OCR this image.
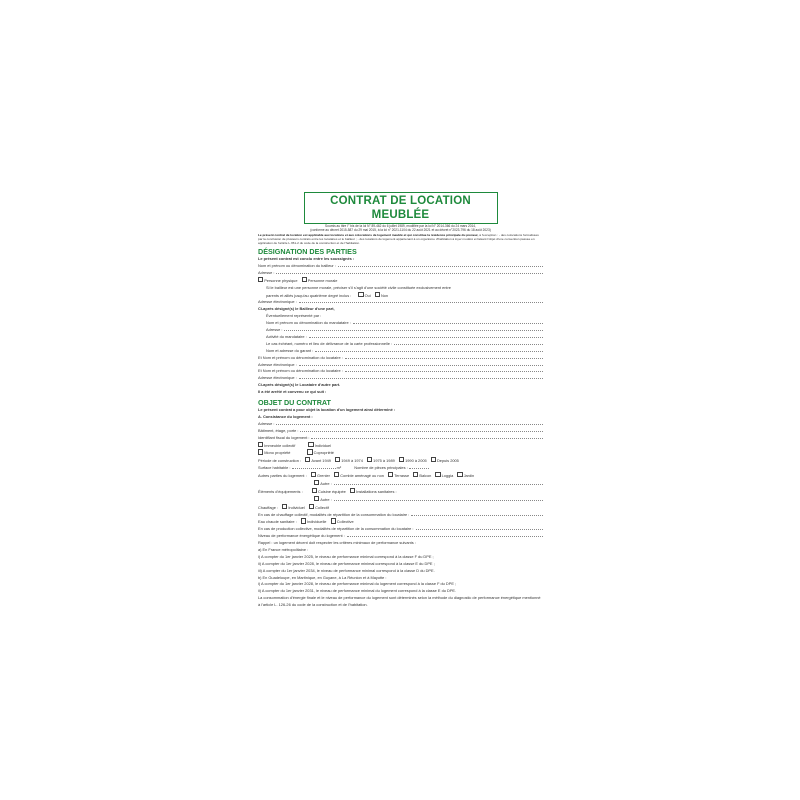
CONTRAT DE LOCATION MEUBLÉE
Soumis au titre I° bis de la loi N° 89-462 du 6 juillet 1989, modifiée par la loi N° 2014-366 du 24 mars 2014,
(conforme au décret 2015-587 du 29 mai 2015, à la loi n° 2021-1104 du 22 août 2021 et au décret n°2023-796 du 18 août 2023)
Le présent contrat de location est applicable aux locations et aux colocations de logement meublé et qui constitue la résidence principale du preneur, à l'exception : - des colocations formalisées par la conclusion de plusieurs contrats entre les locataires et le bailleur ; - des locations de logement appartenant à un organisme d'habitation à loyer modéré et faisant l'objet d'une convention passée en application de l'article L.351-2 du code de la construction et de l'habitation.
DÉSIGNATION DES PARTIES
Le présent contrat est conclu entre les soussignés :
Nom et prénom ou dénomination du bailleur :
Adresse :
Personne physique	Personne morale
Si le bailleur est une personne morale, préciser s'il s'agit d'une société civile constituée exclusivement entre
parents et alliés jusqu'au quatrième degré inclus :	Oui	Non
Adresse électronique :
Ci-après désigné(s) le Bailleur d'une part,
Éventuellement représenté par :
Nom et prénom ou dénomination du mandataire :
Adresse :
Activité du mandataire :
Le cas échéant, numéro et lieu de délivrance de la carte professionnelle :
Nom et adresse du garant :
Et Nom et prénom ou dénomination du locataire :
Adresse électronique :
Et Nom et prénom ou dénomination du locataire :
Adresse électronique :
Ci-après désigné(s) le Locataire d'autre part.
Il a été arrêté et convenu ce qui suit :
OBJET DU CONTRAT
Le présent contrat a pour objet la location d'un logement ainsi déterminé :
A. Consistance du logement :
Adresse :
Bâtiment, étage, porte :
Identifiant fiscal du logement :
Immeuble collectif	Individuel
Mono propriété	Copropriété
Période de construction :	Avant 1949	1949 à 1974	1975 à 1989	1990 à 2005	Depuis 2005
Surface habitable :	m²	Nombre de pièces principales :
Autres parties du logement :	Grenier	Comble aménagé ou non	Terrasse	Balcon	Loggia	Jardin
Autre :
Éléments d'équipements :	Cuisine équipée	Installations sanitaires :
Autre :
Chauffage :	Individuel	Collectif
En cas de chauffage collectif, modalités de répartition de la consommation du locataire :
Eau chaude sanitaire :	Individuelle	Collective
En cas de production collective, modalités de répartition de la consommation du locataire :
Niveau de performance énergétique du logement :
Rappel : un logement décent doit respecter les critères minimaux de performance suivants :
a) En France métropolitaine :
i) A compter du 1er janvier 2025, le niveau de performance minimal correspond à la classe F du DPE ;
ii) A compter du 1er janvier 2028, le niveau de performance minimal correspond à la classe E du DPE ;
iii) A compter du 1er janvier 2034, le niveau de performance minimal correspond à la classe D du DPE.
b) En Guadeloupe, en Martinique, en Guyane, à La Réunion et à Mayotte :
i) A compter du 1er janvier 2028, le niveau de performance minimal du logement correspond à la classe F du DPE ;
ii) A compter du 1er janvier 2031, le niveau de performance minimal du logement correspond à la classe E du DPE.
La consommation d'énergie finale et le niveau de performance du logement sont déterminés selon la méthode du diagnostic de performance énergétique mentionné à l'article L. 126-26 du code de la construction et de l'habitation.
